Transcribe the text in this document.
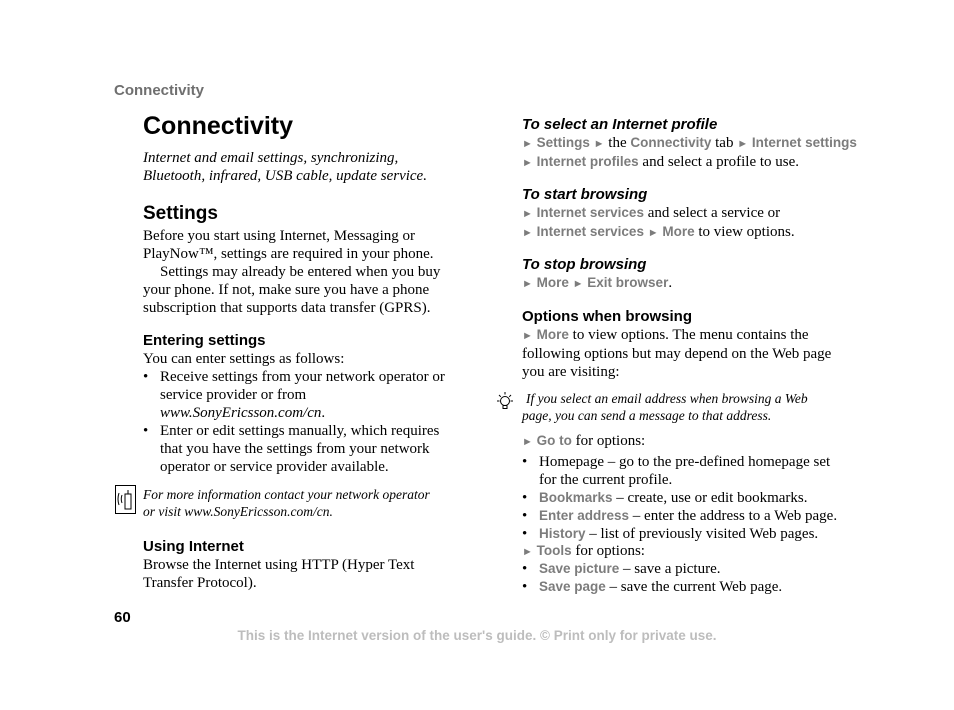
Connectivity
Connectivity
Internet and email settings, synchronizing, Bluetooth, infrared, USB cable, update service.
Settings
Before you start using Internet, Messaging or
PlayNow™, settings are required in your phone.
Settings may already be entered when you buy
your phone. If not, make sure you have a phone
subscription that supports data transfer (GPRS).
Entering settings
You can enter settings as follows:
• Receive settings from your network operator or
service provider or from
www.SonyEricsson.com/cn.
• Enter or edit settings manually, which requires
that you have the settings from your network
operator or service provider available.
For more information contact your network operator
or visit www.SonyEricsson.com/cn.
Using Internet
Browse the Internet using HTTP (Hyper Text
Transfer Protocol).
To select an Internet profile
► Settings ► the Connectivity tab ► Internet settings
► Internet profiles and select a profile to use.
To start browsing
► Internet services and select a service or
► Internet services ► More to view options.
To stop browsing
► More ► Exit browser.
Options when browsing
► More to view options. The menu contains the
following options but may depend on the Web page
you are visiting:
If you select an email address when browsing a Web
page, you can send a message to that address.
► Go to for options:
• Homepage – go to the pre-defined homepage set
for the current profile.
• Bookmarks – create, use or edit bookmarks.
• Enter address – enter the address to a Web page.
• History – list of previously visited Web pages.
► Tools for options:
• Save picture – save a picture.
• Save page – save the current Web page.
60
This is the Internet version of the user's guide. © Print only for private use.
